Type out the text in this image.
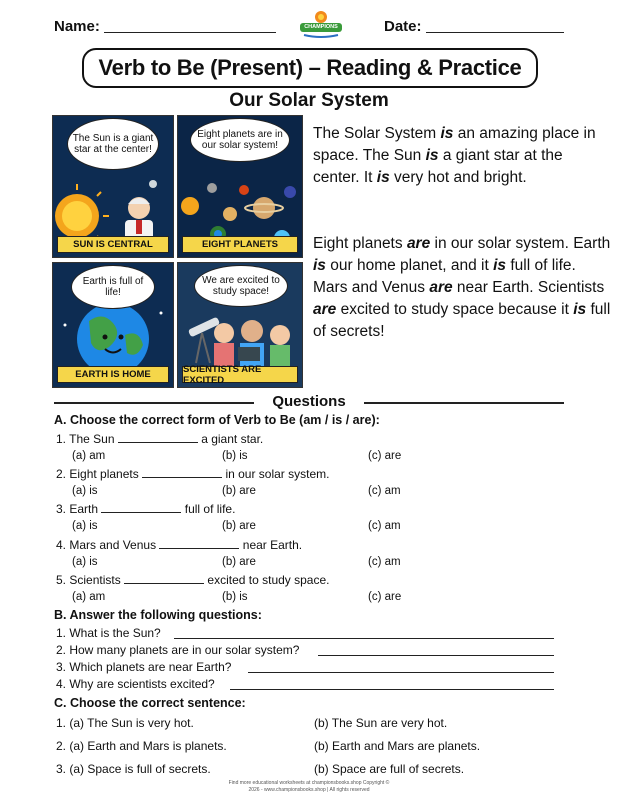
Name:	CHAMPIONS	Date:
Verb to Be (Present) – Reading & Practice
Our Solar System
The Sun is a giant star at the center!
SUN IS CENTRAL
Eight planets are in our solar system!
EIGHT PLANETS
Earth is full of life!
EARTH IS HOME
We are excited to study space!
SCIENTISTS ARE EXCITED
The Solar System is an amazing place in space. The Sun is a giant star at the center. It is very hot and bright.
Eight planets are in our solar system. Earth is our home planet, and it is full of life. Mars and Venus are near Earth. Scientists are excited to study space because it is full of secrets!
Questions
A. Choose the correct form of Verb to Be (am / is / are):
1. The Sun	a giant star.
(a) am	(b) is	(c) are
2. Eight planets	in our solar system.
(a) is	(b) are	(c) am
3. Earth	full of life.
(a) is	(b) are	(c) am
4. Mars and Venus	near Earth.
(a) is	(b) are	(c) am
5. Scientists	excited to study space.
(a) am	(b) is	(c) are
B. Answer the following questions:
1. What is the Sun?
2. How many planets are in our solar system?
3. Which planets are near Earth?
4. Why are scientists excited?
C. Choose the correct sentence:
1. (a) The Sun is very hot.	(b) The Sun are very hot.
2. (a) Earth and Mars is planets.	(b) Earth and Mars are planets.
3. (a) Space is full of secrets.	(b) Space are full of secrets.
Find more educational worksheets at championsbooks.shop Copyright ©
2026 - www.championsbooks.shop | All rights reserved
